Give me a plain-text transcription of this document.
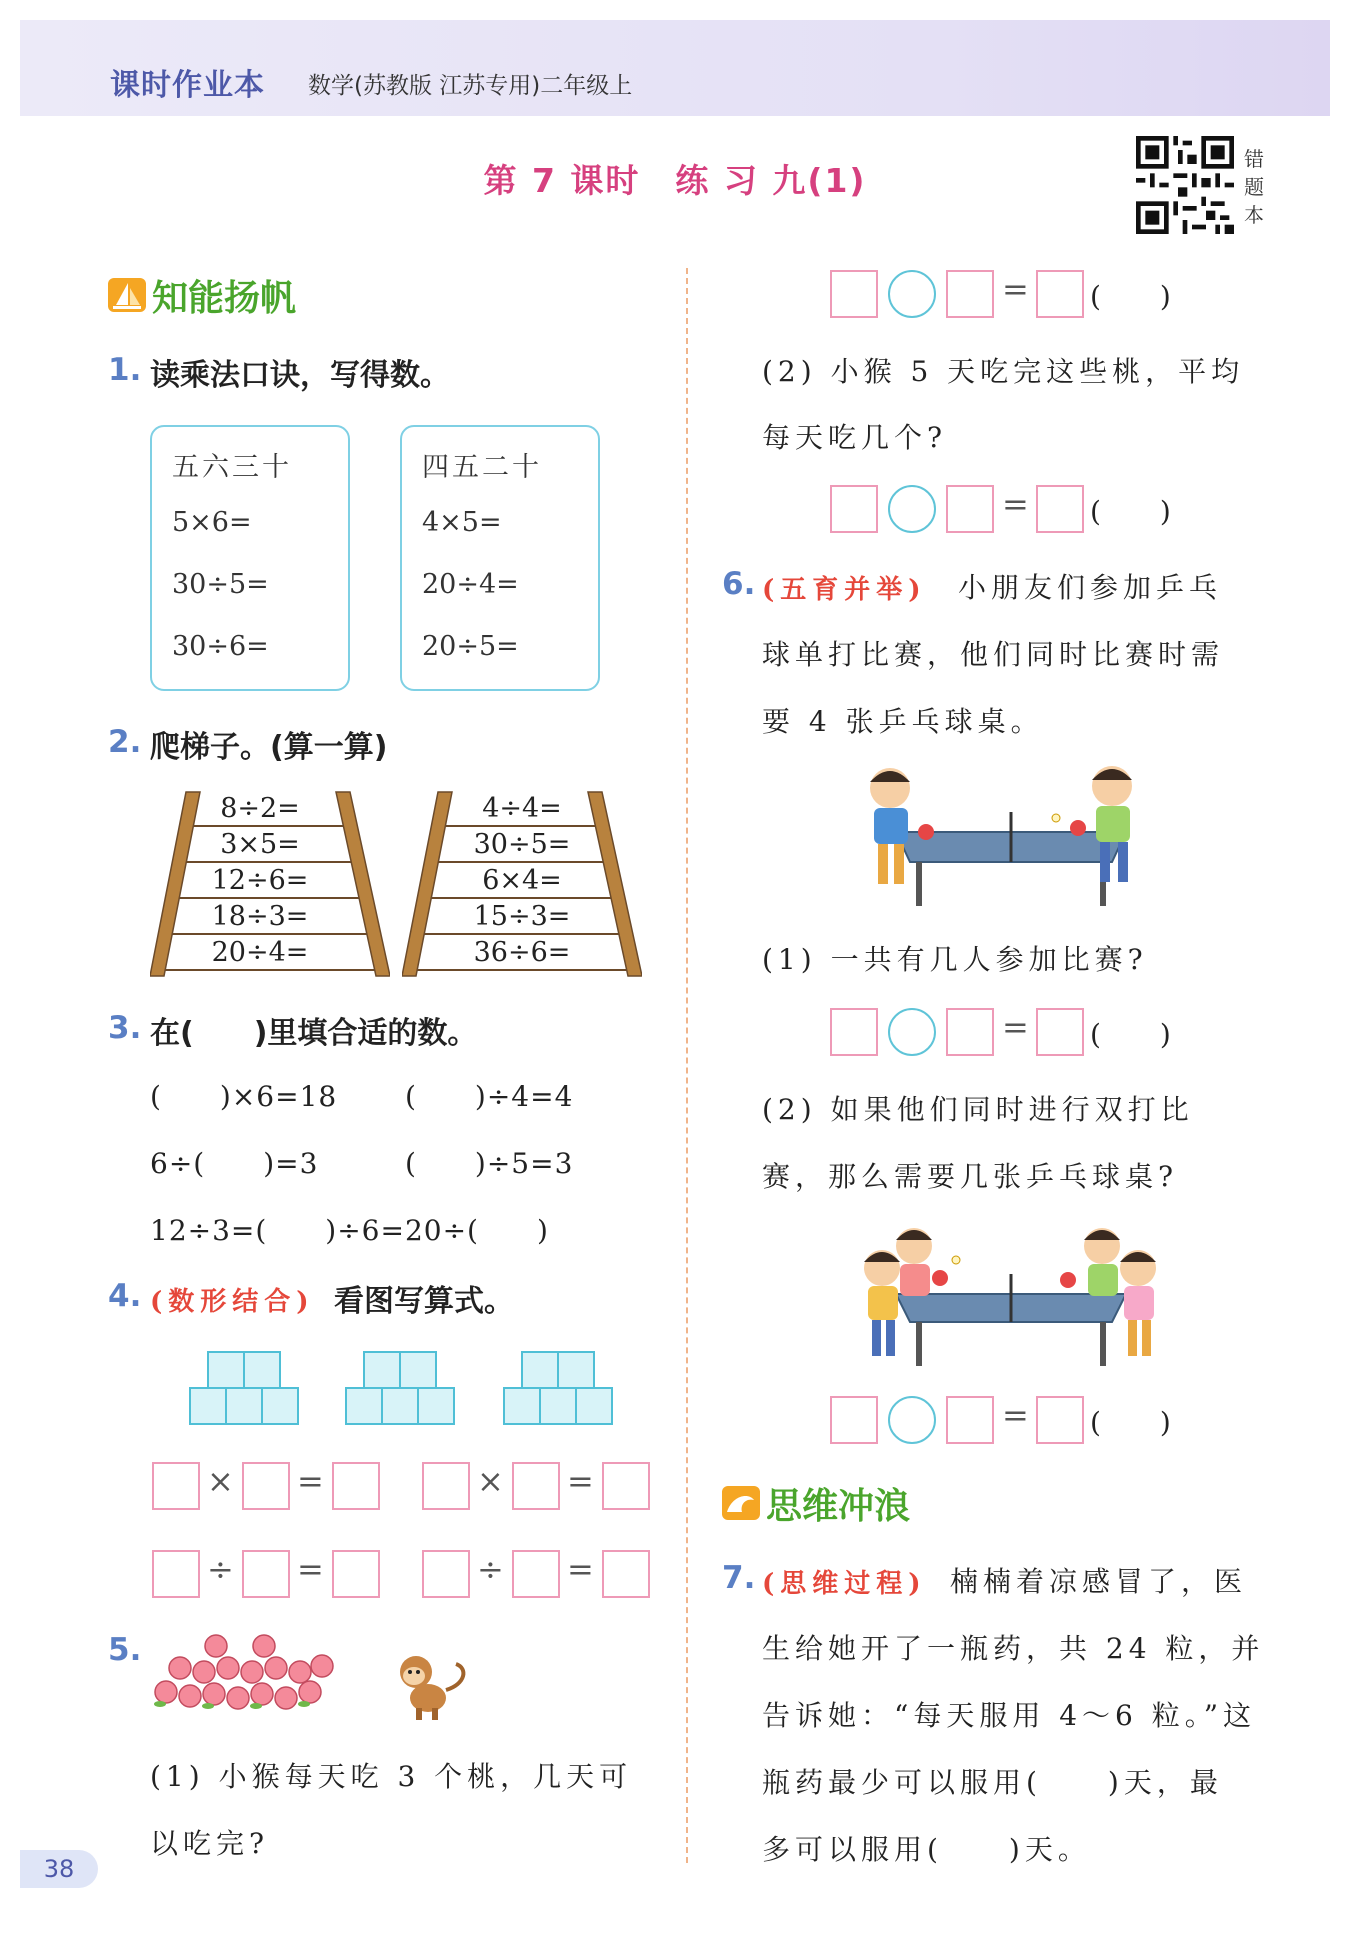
课时作业本 数学(苏教版 江苏专用)二年级上
第 7 课时　练 习 九(1)
错题本
知能扬帆
1. 读乘法口诀，写得数。
五六三十
5×6=
30÷5=
30÷6=
四五二十
4×5=
20÷4=
20÷5=
2. 爬梯子。(算一算)
8÷2=
3×5=
12÷6=
18÷3=
20÷4=
4÷4=
30÷5=
6×4=
15÷3=
36÷6=
3. 在(　　)里填合适的数。
(　　)×6=18 (　　)÷4=4
6÷(　　)=3	(　　)÷5=3
12÷3=(　　)÷6=20÷(　　)
4. (数形结合) 看图写算式。
× =	× =
÷ =	÷ =
5.
(1) 小猴每天吃 3 个桃，几天可
以吃完?
= (　　)
(2) 小猴 5 天吃完这些桃，平均
每天吃几个?
= (　　)
6. (五育并举) 小朋友们参加乒乓
球单打比赛，他们同时比赛时需
要 4 张乒乓球桌。
(1) 一共有几人参加比赛?
= (　　)
(2) 如果他们同时进行双打比
赛，那么需要几张乒乓球桌?
= (　　)
思维冲浪
7. (思维过程) 楠楠着凉感冒了，医
生给她开了一瓶药，共 24 粒，并
告诉她：“每天服用 4～6 粒。”这
瓶药最少可以服用(　　)天，最
多可以服用(　　)天。
38
